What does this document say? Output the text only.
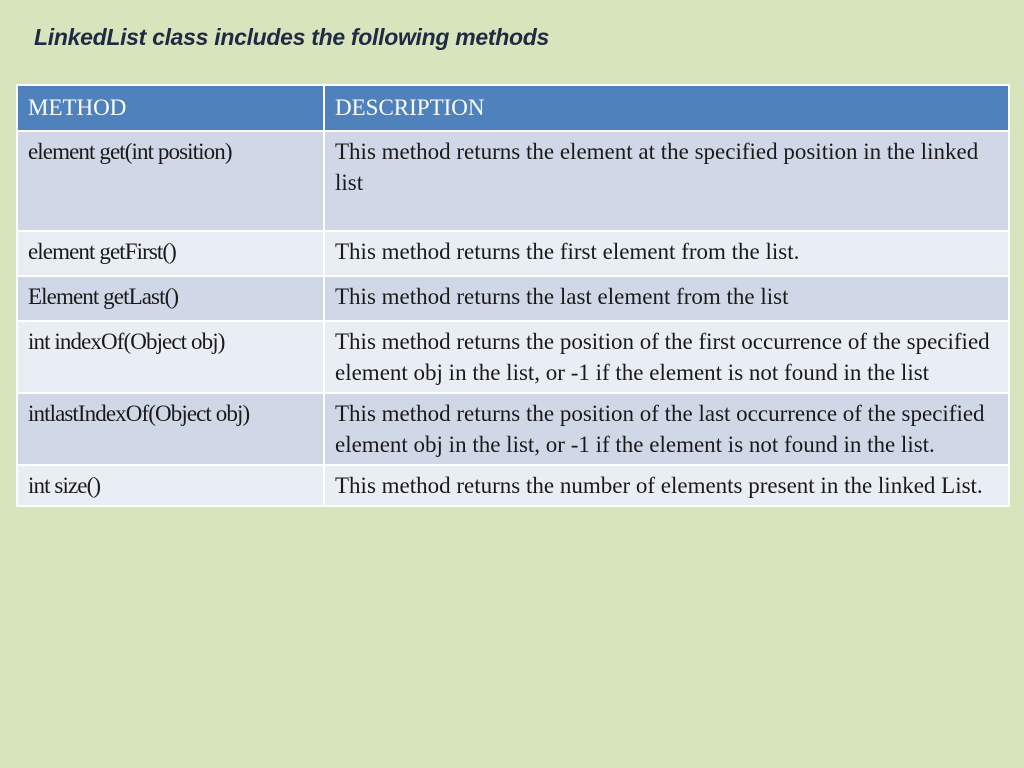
LinkedList class includes the following methods
METHOD	DESCRIPTION
element get(int position)	This method returns the element at the specified position in the linked list
element getFirst()	This method returns the first element from the list.
Element getLast()	This method returns the last element from the list
int indexOf(Object obj)	This method returns the position of the first occurrence of the specified element obj in the list, or -1 if the element is not found in the list
intlastIndexOf(Object obj)	This method returns the position of the last occurrence of the specified element obj in the list, or -1 if the element is not found in the list.
int size()	This method returns the number of elements present in the linked List.
